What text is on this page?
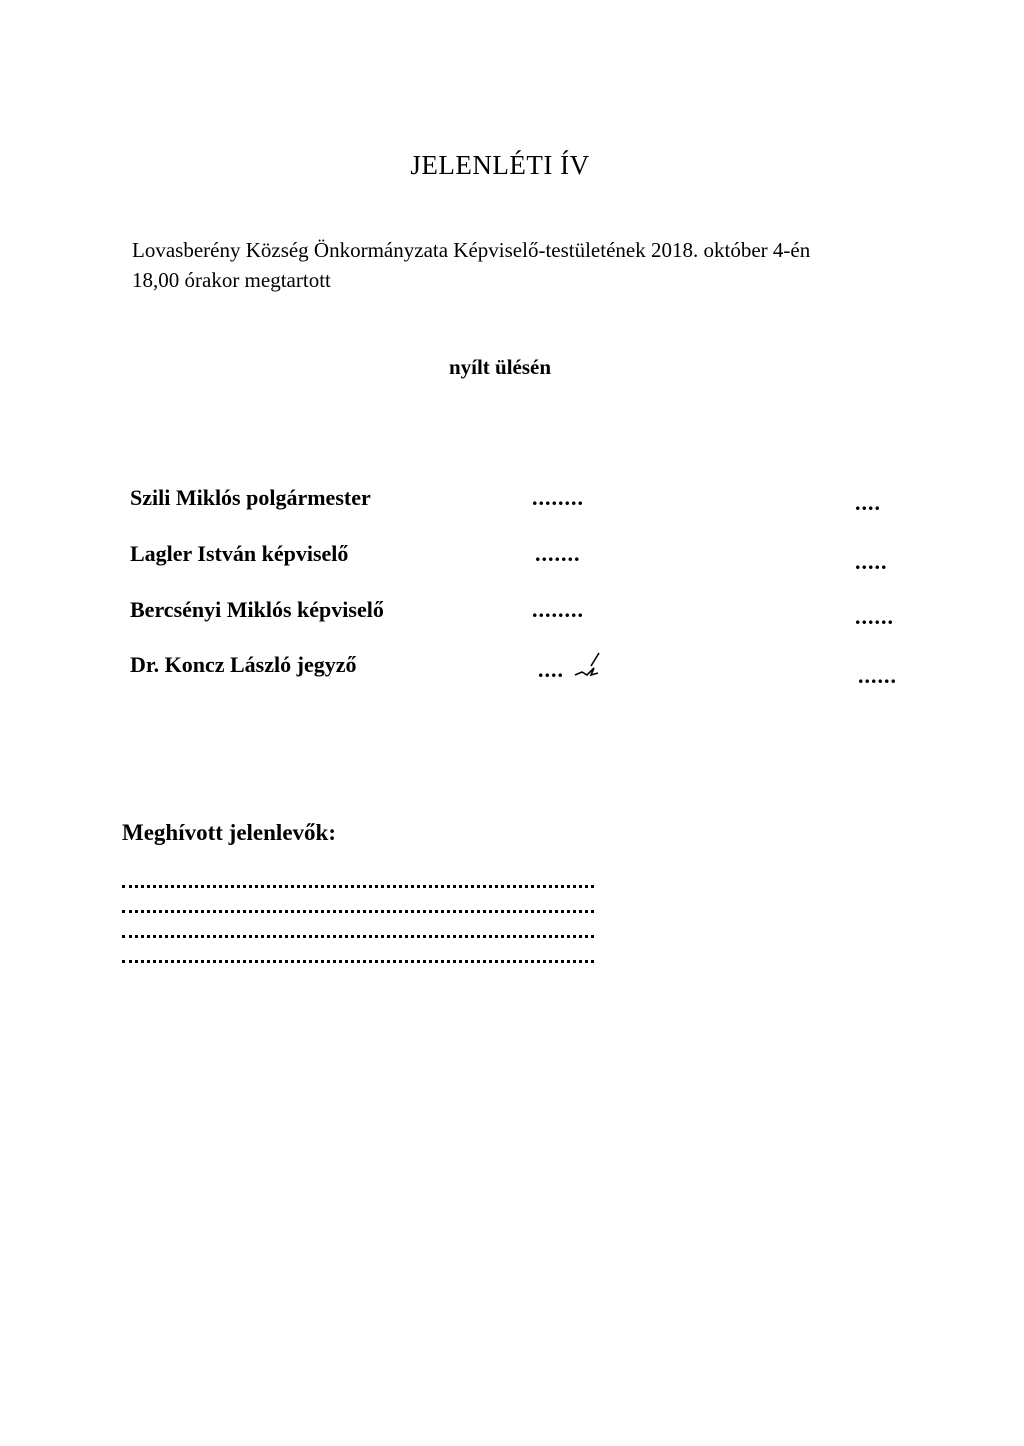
JELENLÉTI ÍV
Lovasberény Község Önkormányzata Képviselő-testületének 2018. október 4-én
18,00 órakor megtartott
nyílt ülésén
Szili Miklós polgármester	........	....
Lagler István képviselő	.......	.....
Bercsényi Miklós képviselő	........	......
Dr. Koncz László jegyző	....	......
Meghívott jelenlevők:
